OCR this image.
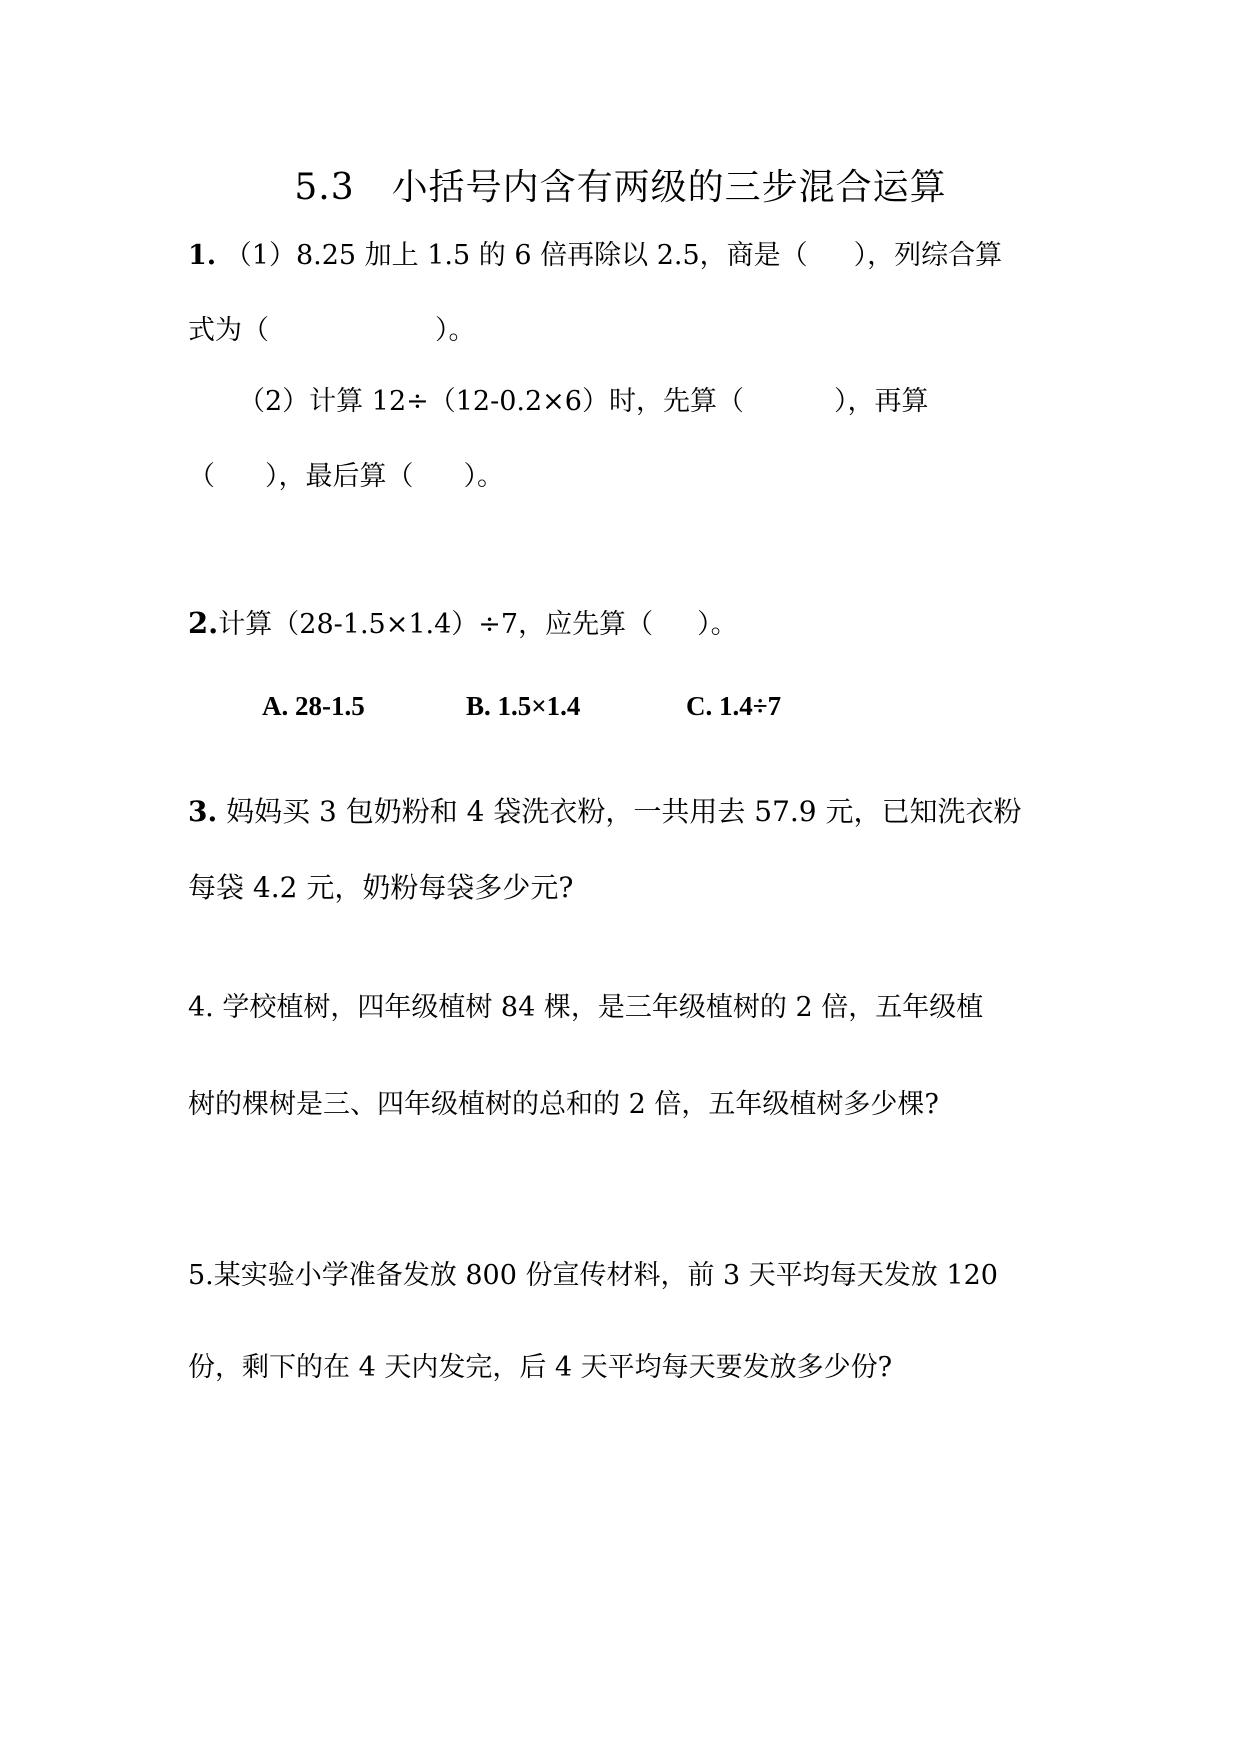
5.3　小括号内含有两级的三步混合运算
1. （1）8.25 加上 1.5 的 6 倍再除以 2.5，商是（ ），列综合算
式为（	）。
（2）计算 12÷（12-0.2×6）时，先算（	），再算
（ ），最后算（ ）。
2.计算（28-1.5×1.4）÷7，应先算（ ）。
A. 28-1.5	B. 1.5×1.4	C. 1.4÷7
3. 妈妈买 3 包奶粉和 4 袋洗衣粉，一共用去 57.9 元，已知洗衣粉
每袋 4.2 元，奶粉每袋多少元?
4. 学校植树，四年级植树 84 棵，是三年级植树的 2 倍，五年级植
树的棵树是三、四年级植树的总和的 2 倍，五年级植树多少棵?
5.某实验小学准备发放 800 份宣传材料，前 3 天平均每天发放 120
份，剩下的在 4 天内发完，后 4 天平均每天要发放多少份?
